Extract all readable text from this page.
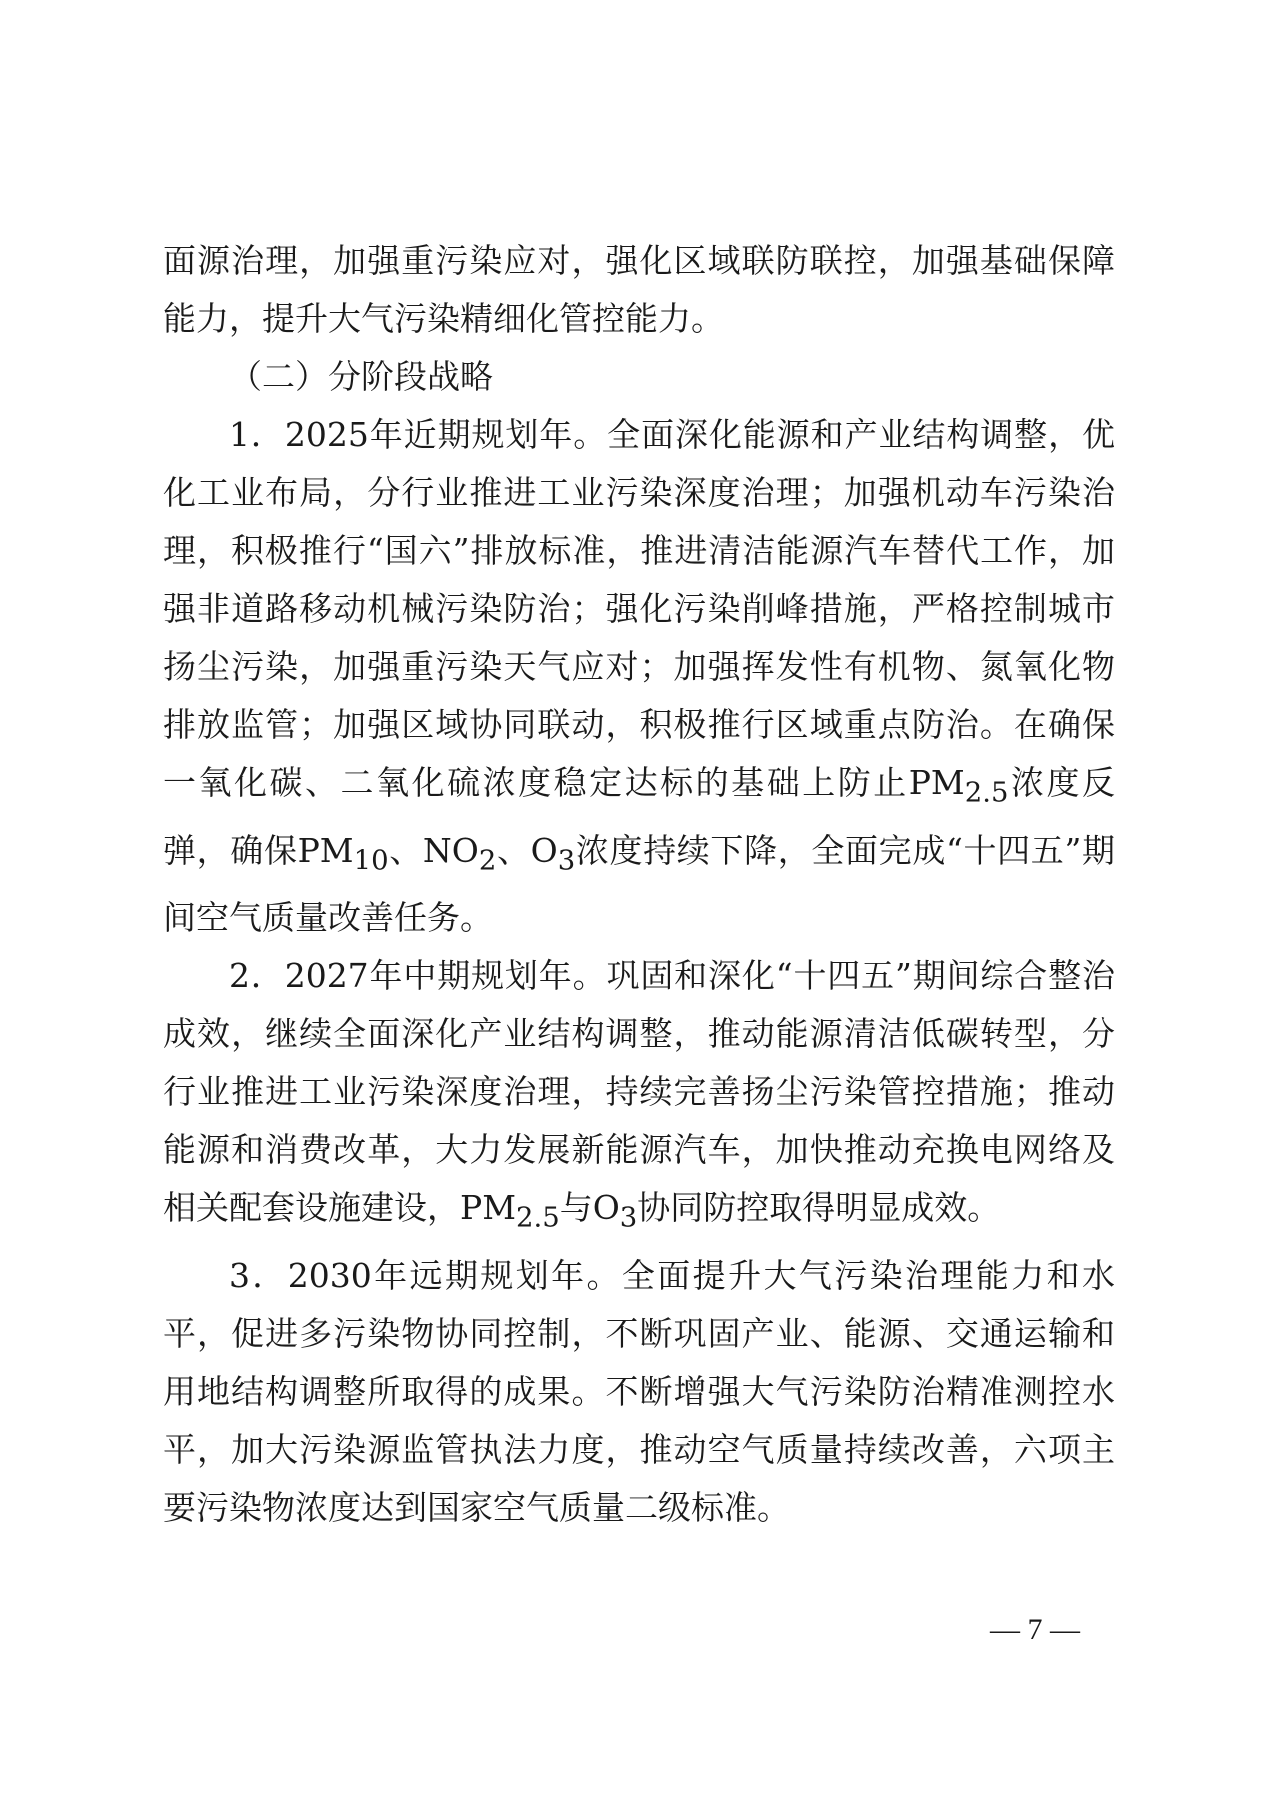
面源治理，加强重污染应对，强化区域联防联控，加强基础保障能力，提升大气污染精细化管控能力。

（二）分阶段战略

1．2025年近期规划年。全面深化能源和产业结构调整，优化工业布局，分行业推进工业污染深度治理；加强机动车污染治理，积极推行“国六”排放标准，推进清洁能源汽车替代工作，加强非道路移动机械污染防治；强化污染削峰措施，严格控制城市扬尘污染，加强重污染天气应对；加强挥发性有机物、氮氧化物排放监管；加强区域协同联动，积极推行区域重点防治。在确保一氧化碳、二氧化硫浓度稳定达标的基础上防止$PM_{2.5}$浓度反弹，确保$PM_{10}$、$NO_2$、$O_3$浓度持续下降，全面完成“十四五”期间空气质量改善任务。

2．2027年中期规划年。巩固和深化“十四五”期间综合整治成效，继续全面深化产业结构调整，推动能源清洁低碳转型，分行业推进工业污染深度治理，持续完善扬尘污染管控措施；推动能源和消费改革，大力发展新能源汽车，加快推动充换电网络及相关配套设施建设，$PM_{2.5}$与$O_3$协同防控取得明显成效。

3．2030年远期规划年。全面提升大气污染治理能力和水平，促进多污染物协同控制，不断巩固产业、能源、交通运输和用地结构调整所取得的成果。不断增强大气污染防治精准测控水平，加大污染源监管执法力度，推动空气质量持续改善，六项主要污染物浓度达到国家空气质量二级标准。

— 7 —
